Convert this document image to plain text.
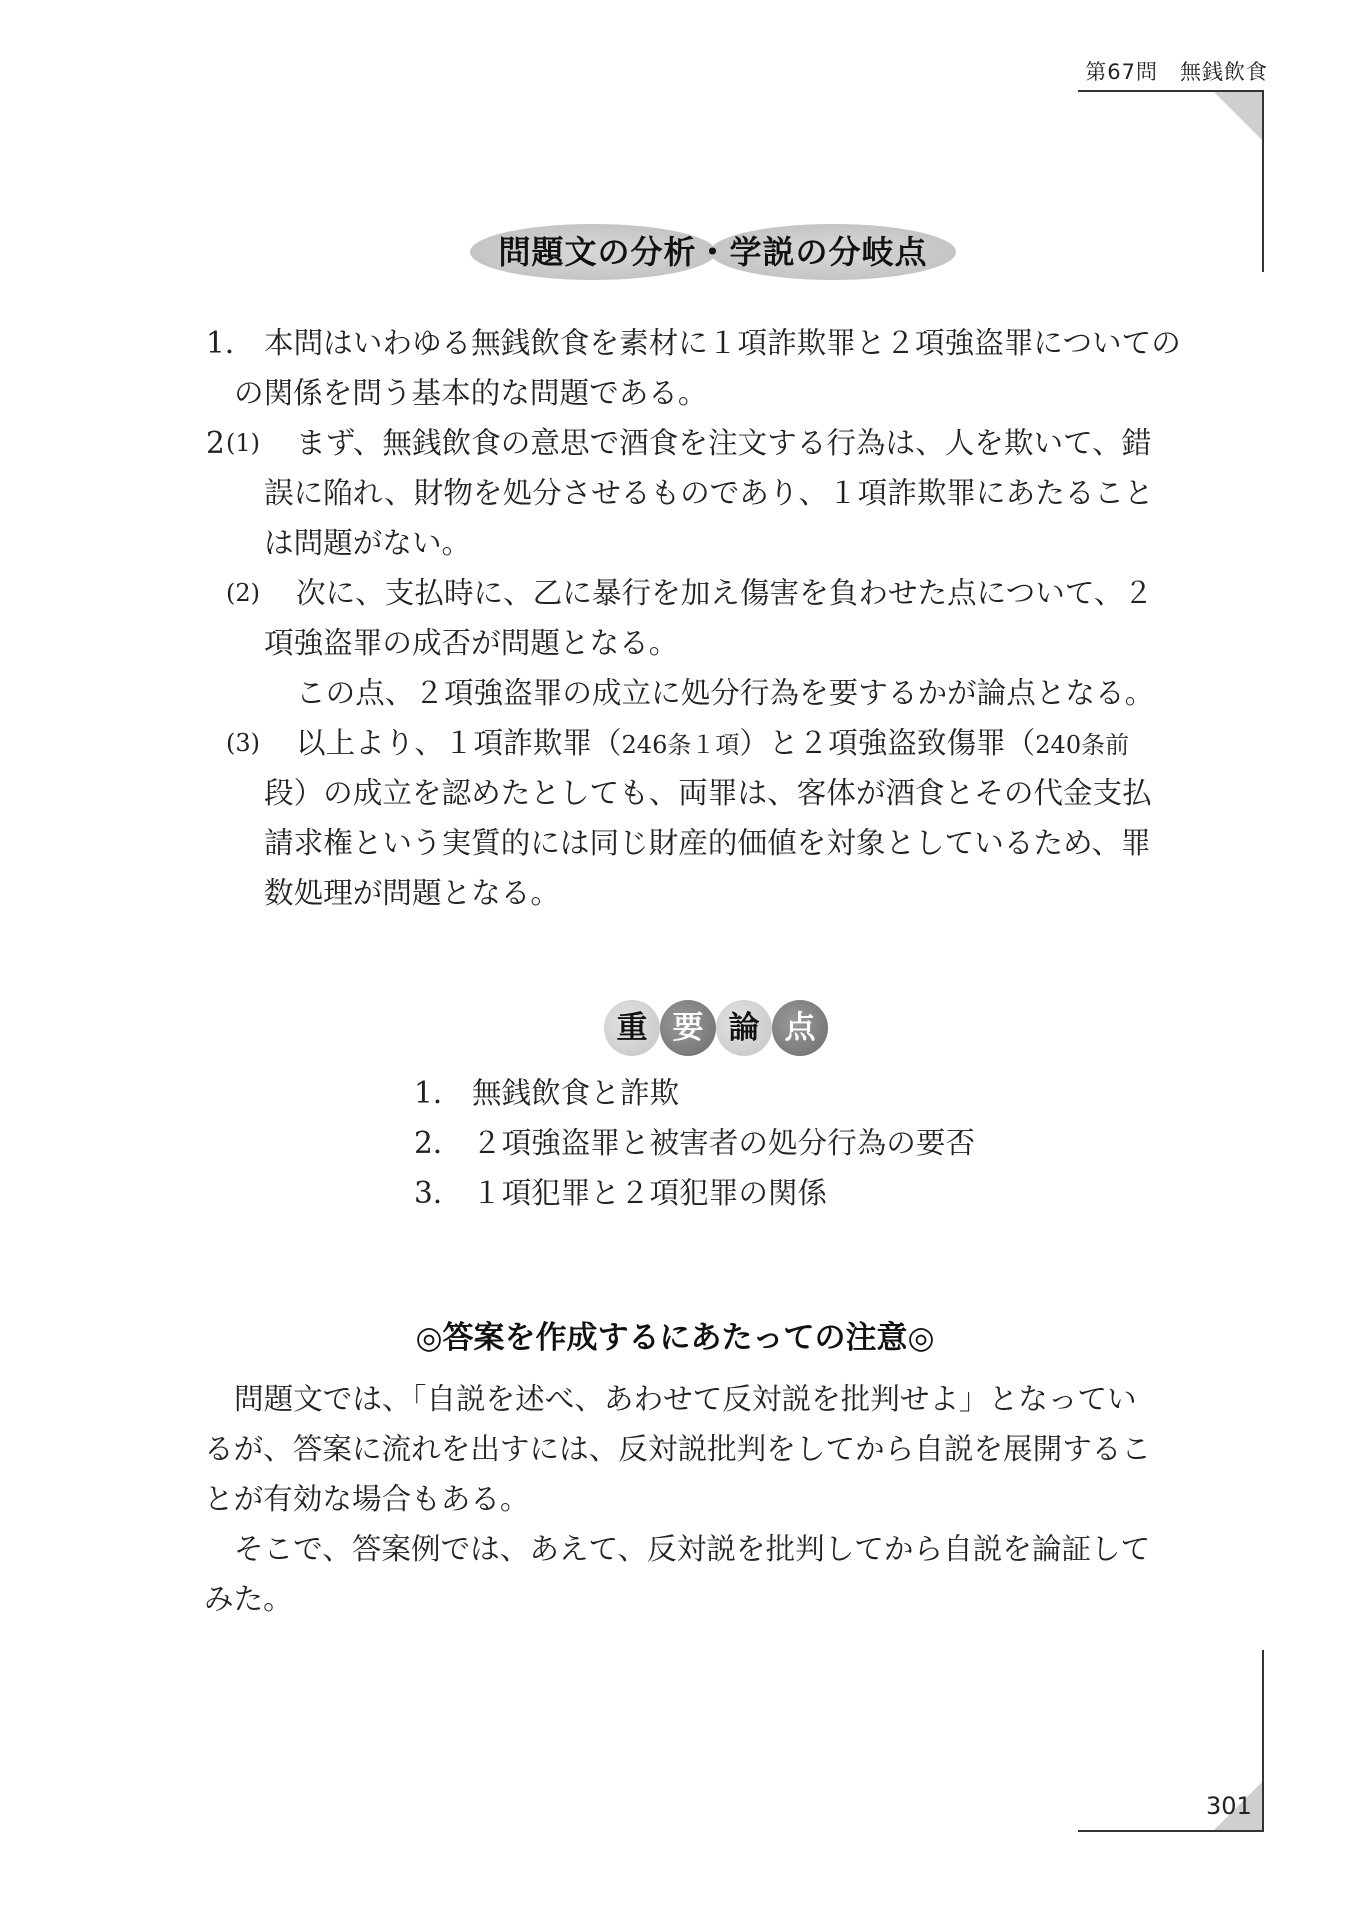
第67問　無銭飲食
問題文の分析・学説の分岐点
1． 本問はいわゆる無銭飲食を素材に１項詐欺罪と２項強盗罪についての
の関係を問う基本的な問題である。
2 (1) まず、無銭飲食の意思で酒食を注文する行為は、人を欺いて、錯
誤に陥れ、財物を処分させるものであり、１項詐欺罪にあたること
は問題がない。
(2) 次に、支払時に、乙に暴行を加え傷害を負わせた点について、２
項強盗罪の成否が問題となる。
この点、２項強盗罪の成立に処分行為を要するかが論点となる。
(3) 以上より、１項詐欺罪（246条１項）と２項強盗致傷罪（240条前
段）の成立を認めたとしても、両罪は、客体が酒食とその代金支払
請求権という実質的には同じ財産的価値を対象としているため、罪
数処理が問題となる。
重 要 論 点
1． 無銭飲食と詐欺
2． ２項強盗罪と被害者の処分行為の要否
3． １項犯罪と２項犯罪の関係
◎答案を作成するにあたっての注意◎
問題文では、「自説を述べ、あわせて反対説を批判せよ」となってい
るが、答案に流れを出すには、反対説批判をしてから自説を展開するこ
とが有効な場合もある。
そこで、答案例では、あえて、反対説を批判してから自説を論証して
みた。
301
